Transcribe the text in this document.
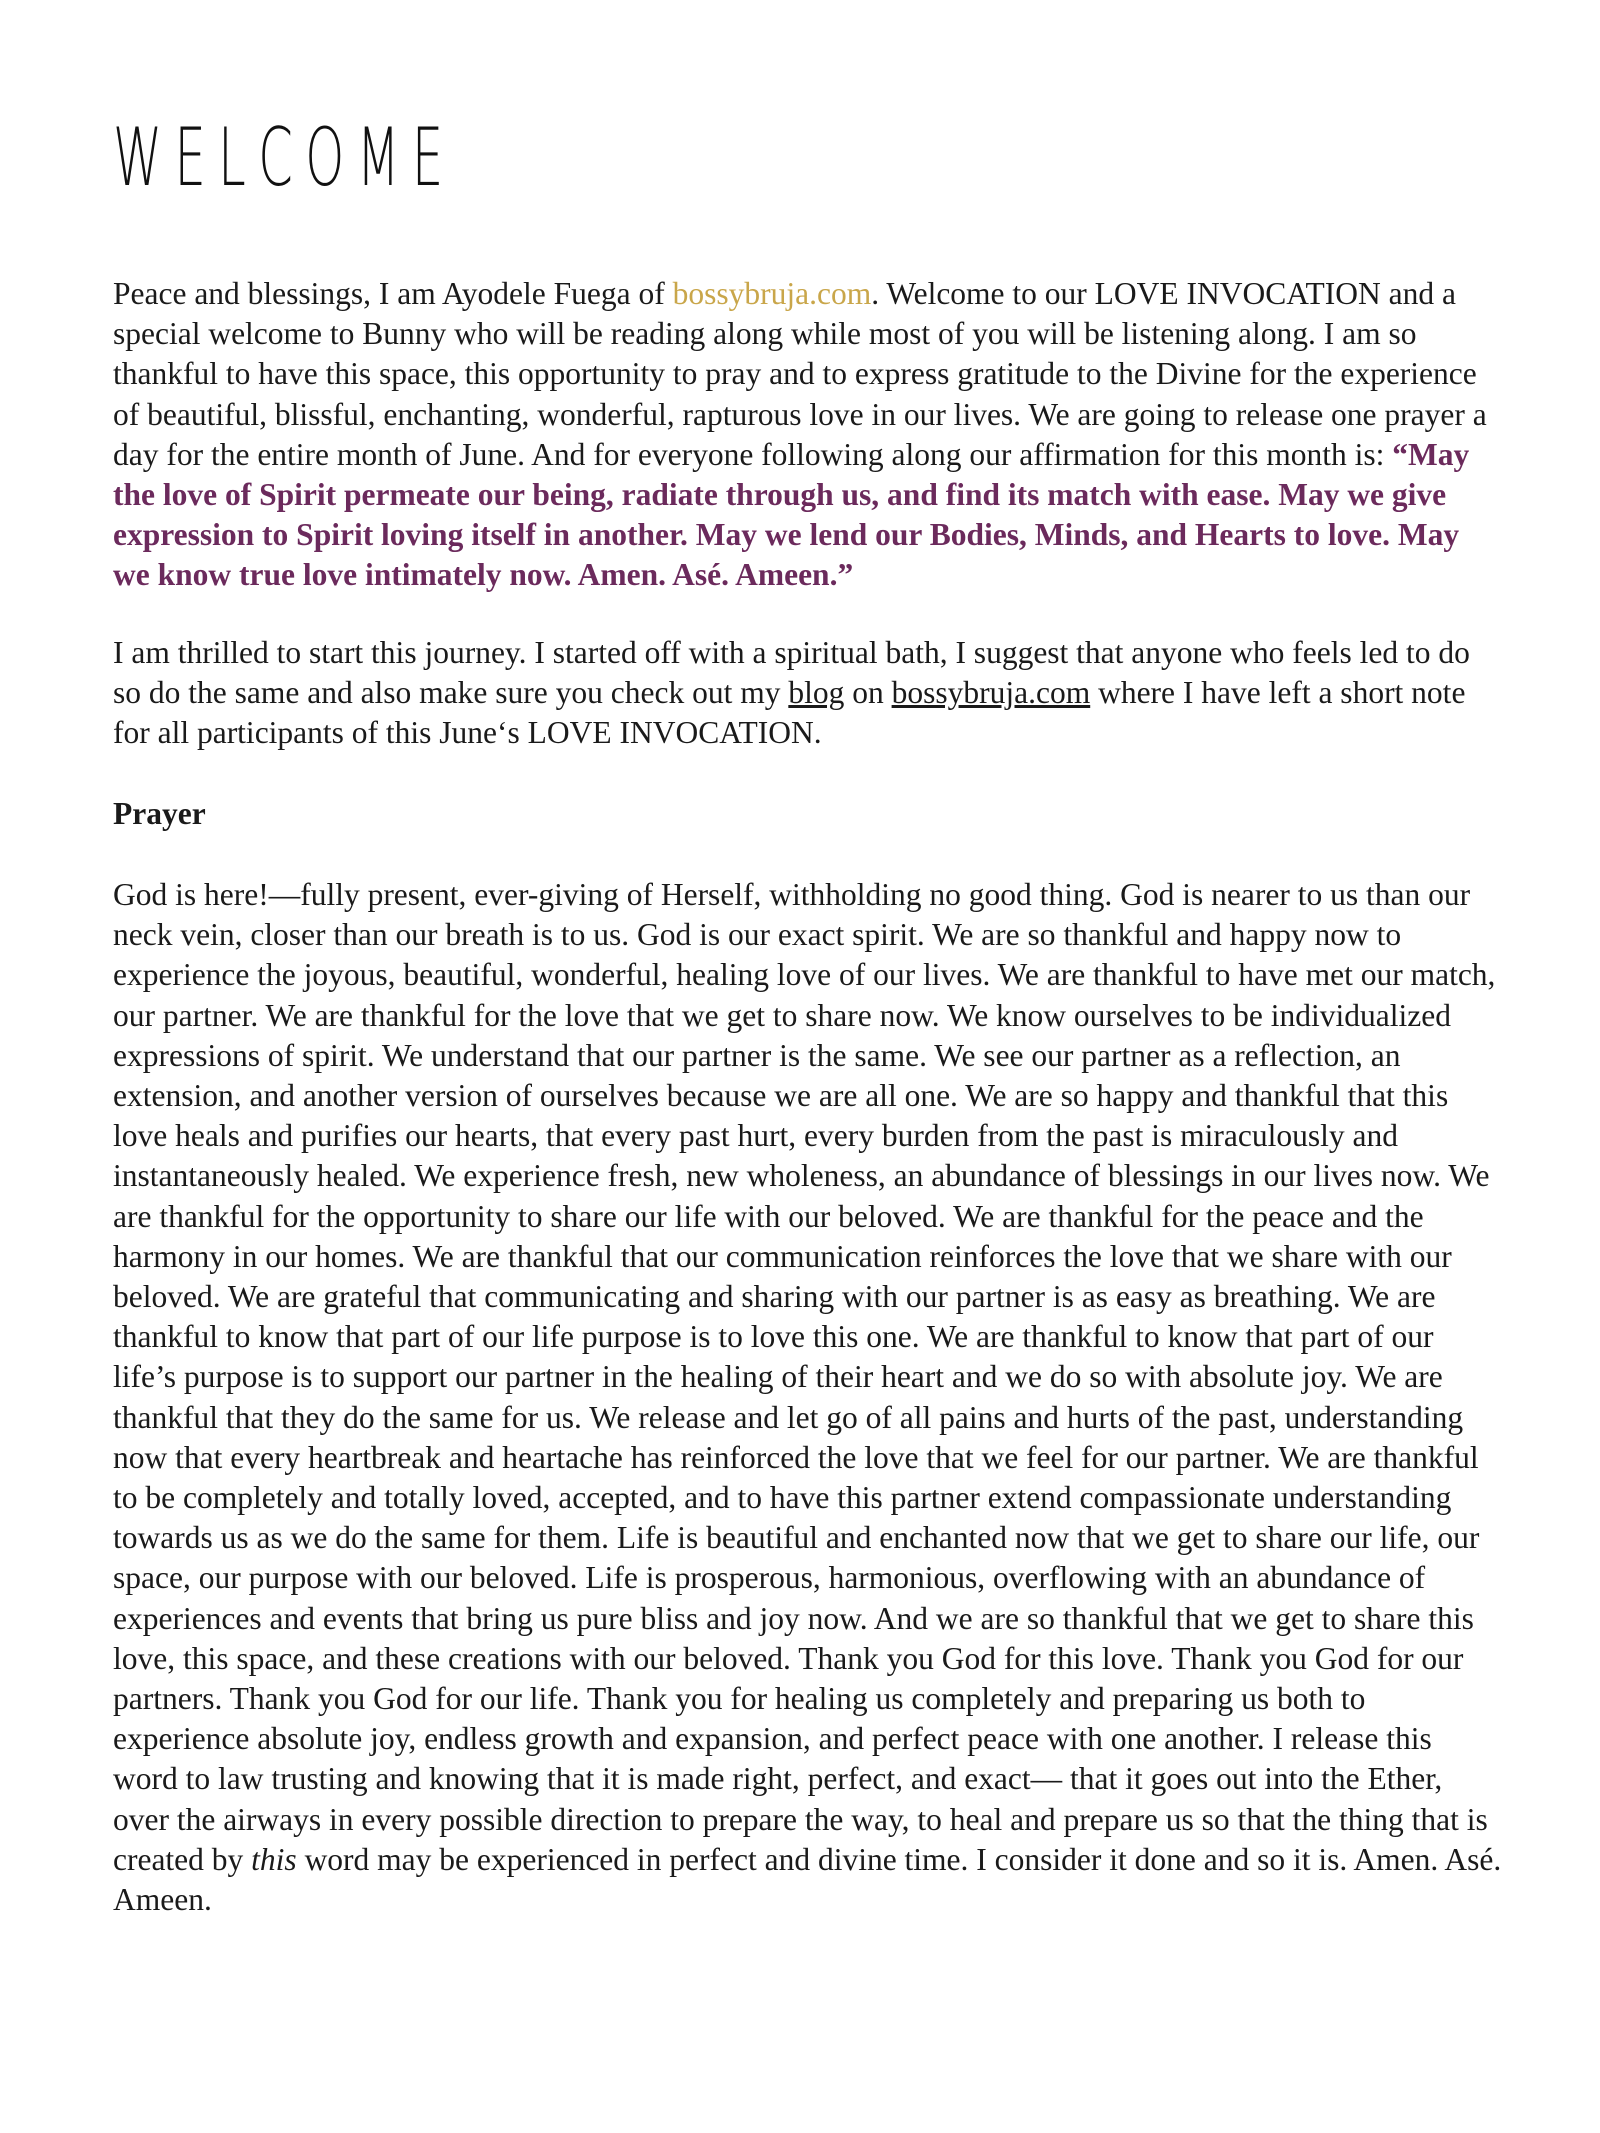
WELCOME

Peace and blessings, I am Ayodele Fuega of bossybruja.com. Welcome to our LOVE INVOCATION and a special welcome to Bunny who will be reading along while most of you will be listening along. I am so thankful to have this space, this opportunity to pray and to express gratitude to the Divine for the experience of beautiful, blissful, enchanting, wonderful, rapturous love in our lives. We are going to release one prayer a day for the entire month of June. And for everyone following along our affirmation for this month is: “May the love of Spirit permeate our being, radiate through us, and find its match with ease. May we give expression to Spirit loving itself in another. May we lend our Bodies, Minds, and Hearts to love. May we know true love intimately now. Amen. Asé. Ameen.”

I am thrilled to start this journey. I started off with a spiritual bath, I suggest that anyone who feels led to do so do the same and also make sure you check out my blog on bossybruja.com where I have left a short note for all participants of this June‘s LOVE INVOCATION.

Prayer

God is here!—fully present, ever-giving of Herself, withholding no good thing. God is nearer to us than our neck vein, closer than our breath is to us. God is our exact spirit. We are so thankful and happy now to experience the joyous, beautiful, wonderful, healing love of our lives. We are thankful to have met our match, our partner. We are thankful for the love that we get to share now. We know ourselves to be individualized expressions of spirit. We understand that our partner is the same. We see our partner as a reflection, an extension, and another version of ourselves because we are all one. We are so happy and thankful that this love heals and purifies our hearts, that every past hurt, every burden from the past is miraculously and instantaneously healed. We experience fresh, new wholeness, an abundance of blessings in our lives now. We are thankful for the opportunity to share our life with our beloved. We are thankful for the peace and the harmony in our homes. We are thankful that our communication reinforces the love that we share with our beloved. We are grateful that communicating and sharing with our partner is as easy as breathing. We are thankful to know that part of our life purpose is to love this one. We are thankful to know that part of our life’s purpose is to support our partner in the healing of their heart and we do so with absolute joy. We are thankful that they do the same for us. We release and let go of all pains and hurts of the past, understanding now that every heartbreak and heartache has reinforced the love that we feel for our partner. We are thankful to be completely and totally loved, accepted, and to have this partner extend compassionate understanding towards us as we do the same for them. Life is beautiful and enchanted now that we get to share our life, our space, our purpose with our beloved. Life is prosperous, harmonious, overflowing with an abundance of experiences and events that bring us pure bliss and joy now. And we are so thankful that we get to share this love, this space, and these creations with our beloved. Thank you God for this love. Thank you God for our partners. Thank you God for our life. Thank you for healing us completely and preparing us both to experience absolute joy, endless growth and expansion, and perfect peace with one another. I release this word to law trusting and knowing that it is made right, perfect, and exact— that it goes out into the Ether, over the airways in every possible direction to prepare the way, to heal and prepare us so that the thing that is created by this word may be experienced in perfect and divine time. I consider it done and so it is. Amen. Asé. Ameen.
